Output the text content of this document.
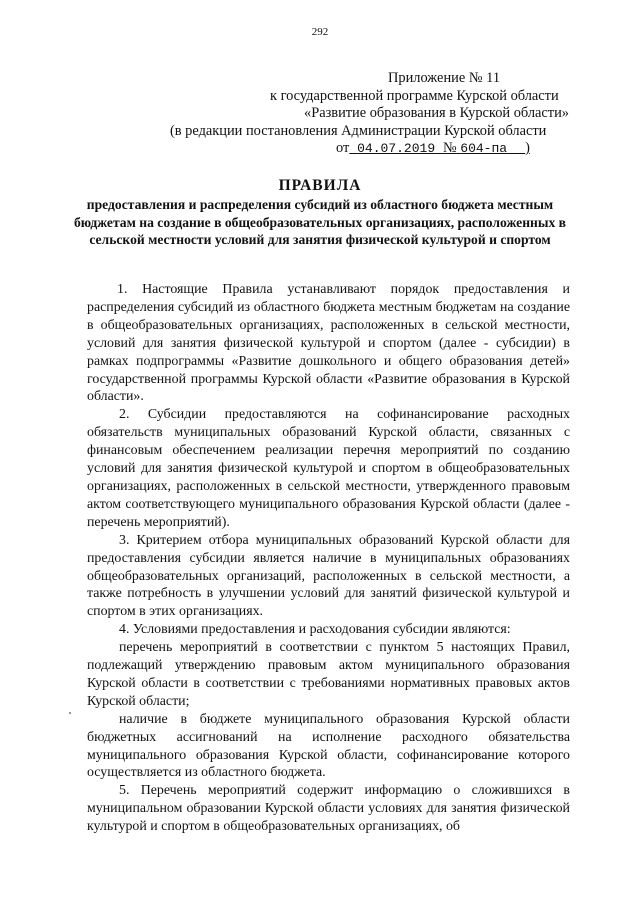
292
Приложение № 11
к государственной программе Курской области
«Развитие образования в Курской области»
(в редакции постановления Администрации Курской области
от 04.07.2019 № 604-па )
ПРАВИЛА
предоставления и распределения субсидий из областного бюджета местным бюджетам на создание в общеобразовательных организациях, расположенных в сельской местности условий для занятия физической культурой и спортом

1. Настоящие Правила устанавливают порядок предоставления и распределения субсидий из областного бюджета местным бюджетам на создание в общеобразовательных организациях, расположенных в сельской местности, условий для занятия физической культурой и спортом (далее - субсидии) в рамках подпрограммы «Развитие дошкольного и общего образования детей» государственной программы Курской области «Развитие образования в Курской области».

2. Субсидии предоставляются на софинансирование расходных обязательств муниципальных образований Курской области, связанных с финансовым обеспечением реализации перечня мероприятий по созданию условий для занятия физической культурой и спортом в общеобразовательных организациях, расположенных в сельской местности, утвержденного правовым актом соответствующего муниципального образования Курской области (далее - перечень мероприятий).

3. Критерием отбора муниципальных образований Курской области для предоставления субсидии является наличие в муниципальных образованиях общеобразовательных организаций, расположенных в сельской местности, а также потребность в улучшении условий для занятий физической культурой и спортом в этих организациях.

4. Условиями предоставления и расходования субсидии являются:

перечень мероприятий в соответствии с пунктом 5 настоящих Правил, подлежащий утверждению правовым актом муниципального образования Курской области в соответствии с требованиями нормативных правовых актов Курской области;

наличие в бюджете муниципального образования Курской области бюджетных ассигнований на исполнение расходного обязательства муниципального образования Курской области, софинансирование которого осуществляется из областного бюджета.

5. Перечень мероприятий содержит информацию о сложившихся в муниципальном образовании Курской области условиях для занятия физической культурой и спортом в общеобразовательных организациях, об
